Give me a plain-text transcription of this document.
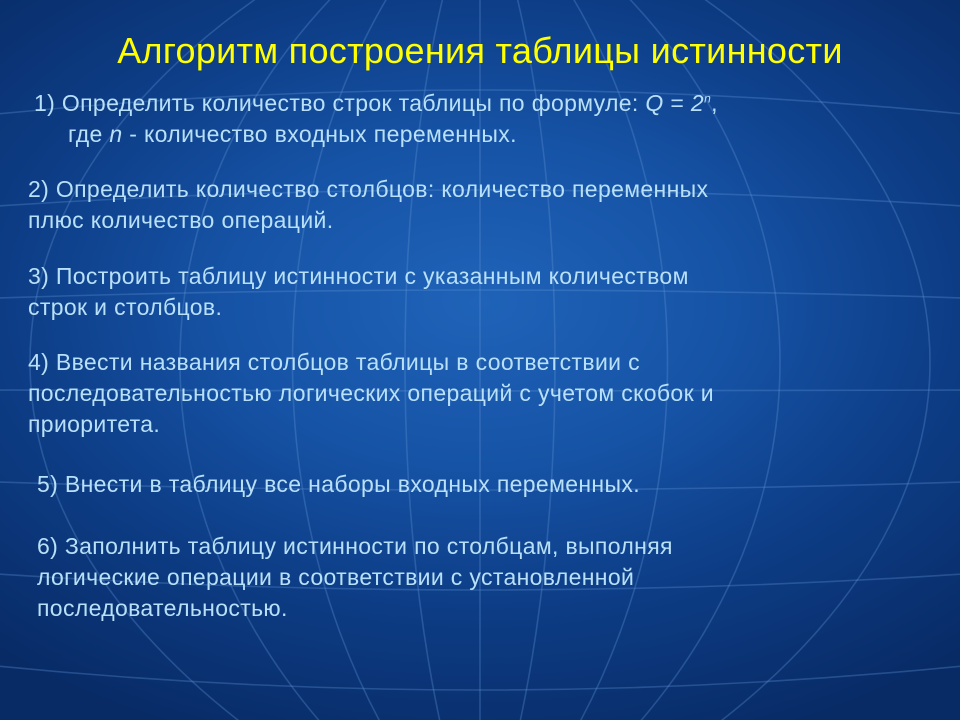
Алгоритм построения таблицы истинности
1) Определить количество строк таблицы по формуле: $Q = 2^n$,
где n - количество входных переменных.
2) Определить количество столбцов: количество переменных
плюс количество операций.
3) Построить таблицу истинности с указанным количеством
строк и столбцов.
4) Ввести названия столбцов таблицы в соответствии с
последовательностью логических операций с учетом скобок и
приоритета.
5) Внести в таблицу все наборы входных переменных.
6) Заполнить таблицу истинности по столбцам, выполняя
логические операции в соответствии с установленной
последовательностью.
